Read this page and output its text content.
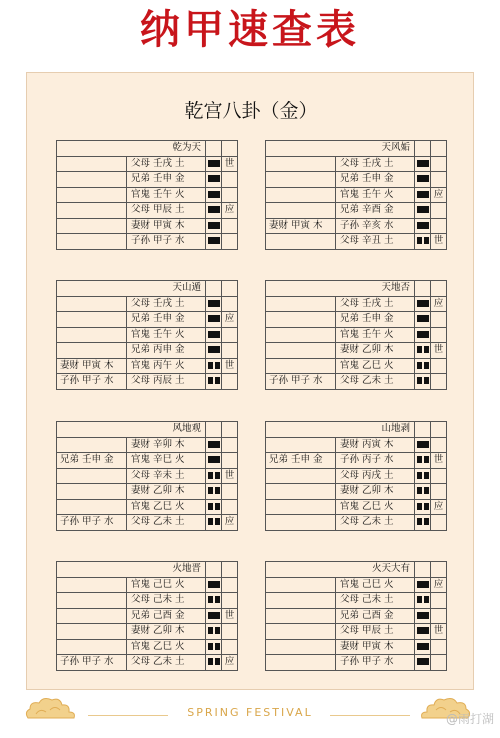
纳甲速查表
乾宫八卦（金）
乾为天			
	父母 壬戌 土		世
	兄弟 壬申 金		
	官鬼 壬午 火		
	父母 甲辰 土		应
	妻财 甲寅 木		
	子孙 甲子 水		
天风姤			
	父母 壬戌 土		
	兄弟 壬申 金		
	官鬼 壬午 火		应
	兄弟 辛酉 金		
妻财 甲寅 木	子孙 辛亥 水		
	父母 辛丑 土		世
天山遁			
	父母 壬戌 土		
	兄弟 壬申 金		应
	官鬼 壬午 火		
	兄弟 丙申 金		
妻财 甲寅 木	官鬼 丙午 火		世
子孙 甲子 水	父母 丙辰 土		
天地否			
	父母 壬戌 土		应
	兄弟 壬申 金		
	官鬼 壬午 火		
	妻财 乙卯 木		世
	官鬼 乙巳 火		
子孙 甲子 水	父母 乙未 土		
风地观			
	妻财 辛卯 木		
兄弟 壬申 金	官鬼 辛巳 火		
	父母 辛未 土		世
	妻财 乙卯 木		
	官鬼 乙巳 火		
子孙 甲子 水	父母 乙未 土		应
山地剥			
	妻财 丙寅 木		
兄弟 壬申 金	子孙 丙子 水		世
	父母 丙戌 土		
	妻财 乙卯 木		
	官鬼 乙巳 火		应
	父母 乙未 土		
火地晋			
	官鬼 己巳 火		
	父母 己未 土		
	兄弟 己酉 金		世
	妻财 乙卯 木		
	官鬼 乙巳 火		
子孙 甲子 水	父母 乙未 土		应
火天大有			
	官鬼 己巳 火		应
	父母 己未 土		
	兄弟 己酉 金		
	父母 甲辰 土		世
	妻财 甲寅 木		
	子孙 甲子 水		
SPRING FESTIVAL	@雨打湖
